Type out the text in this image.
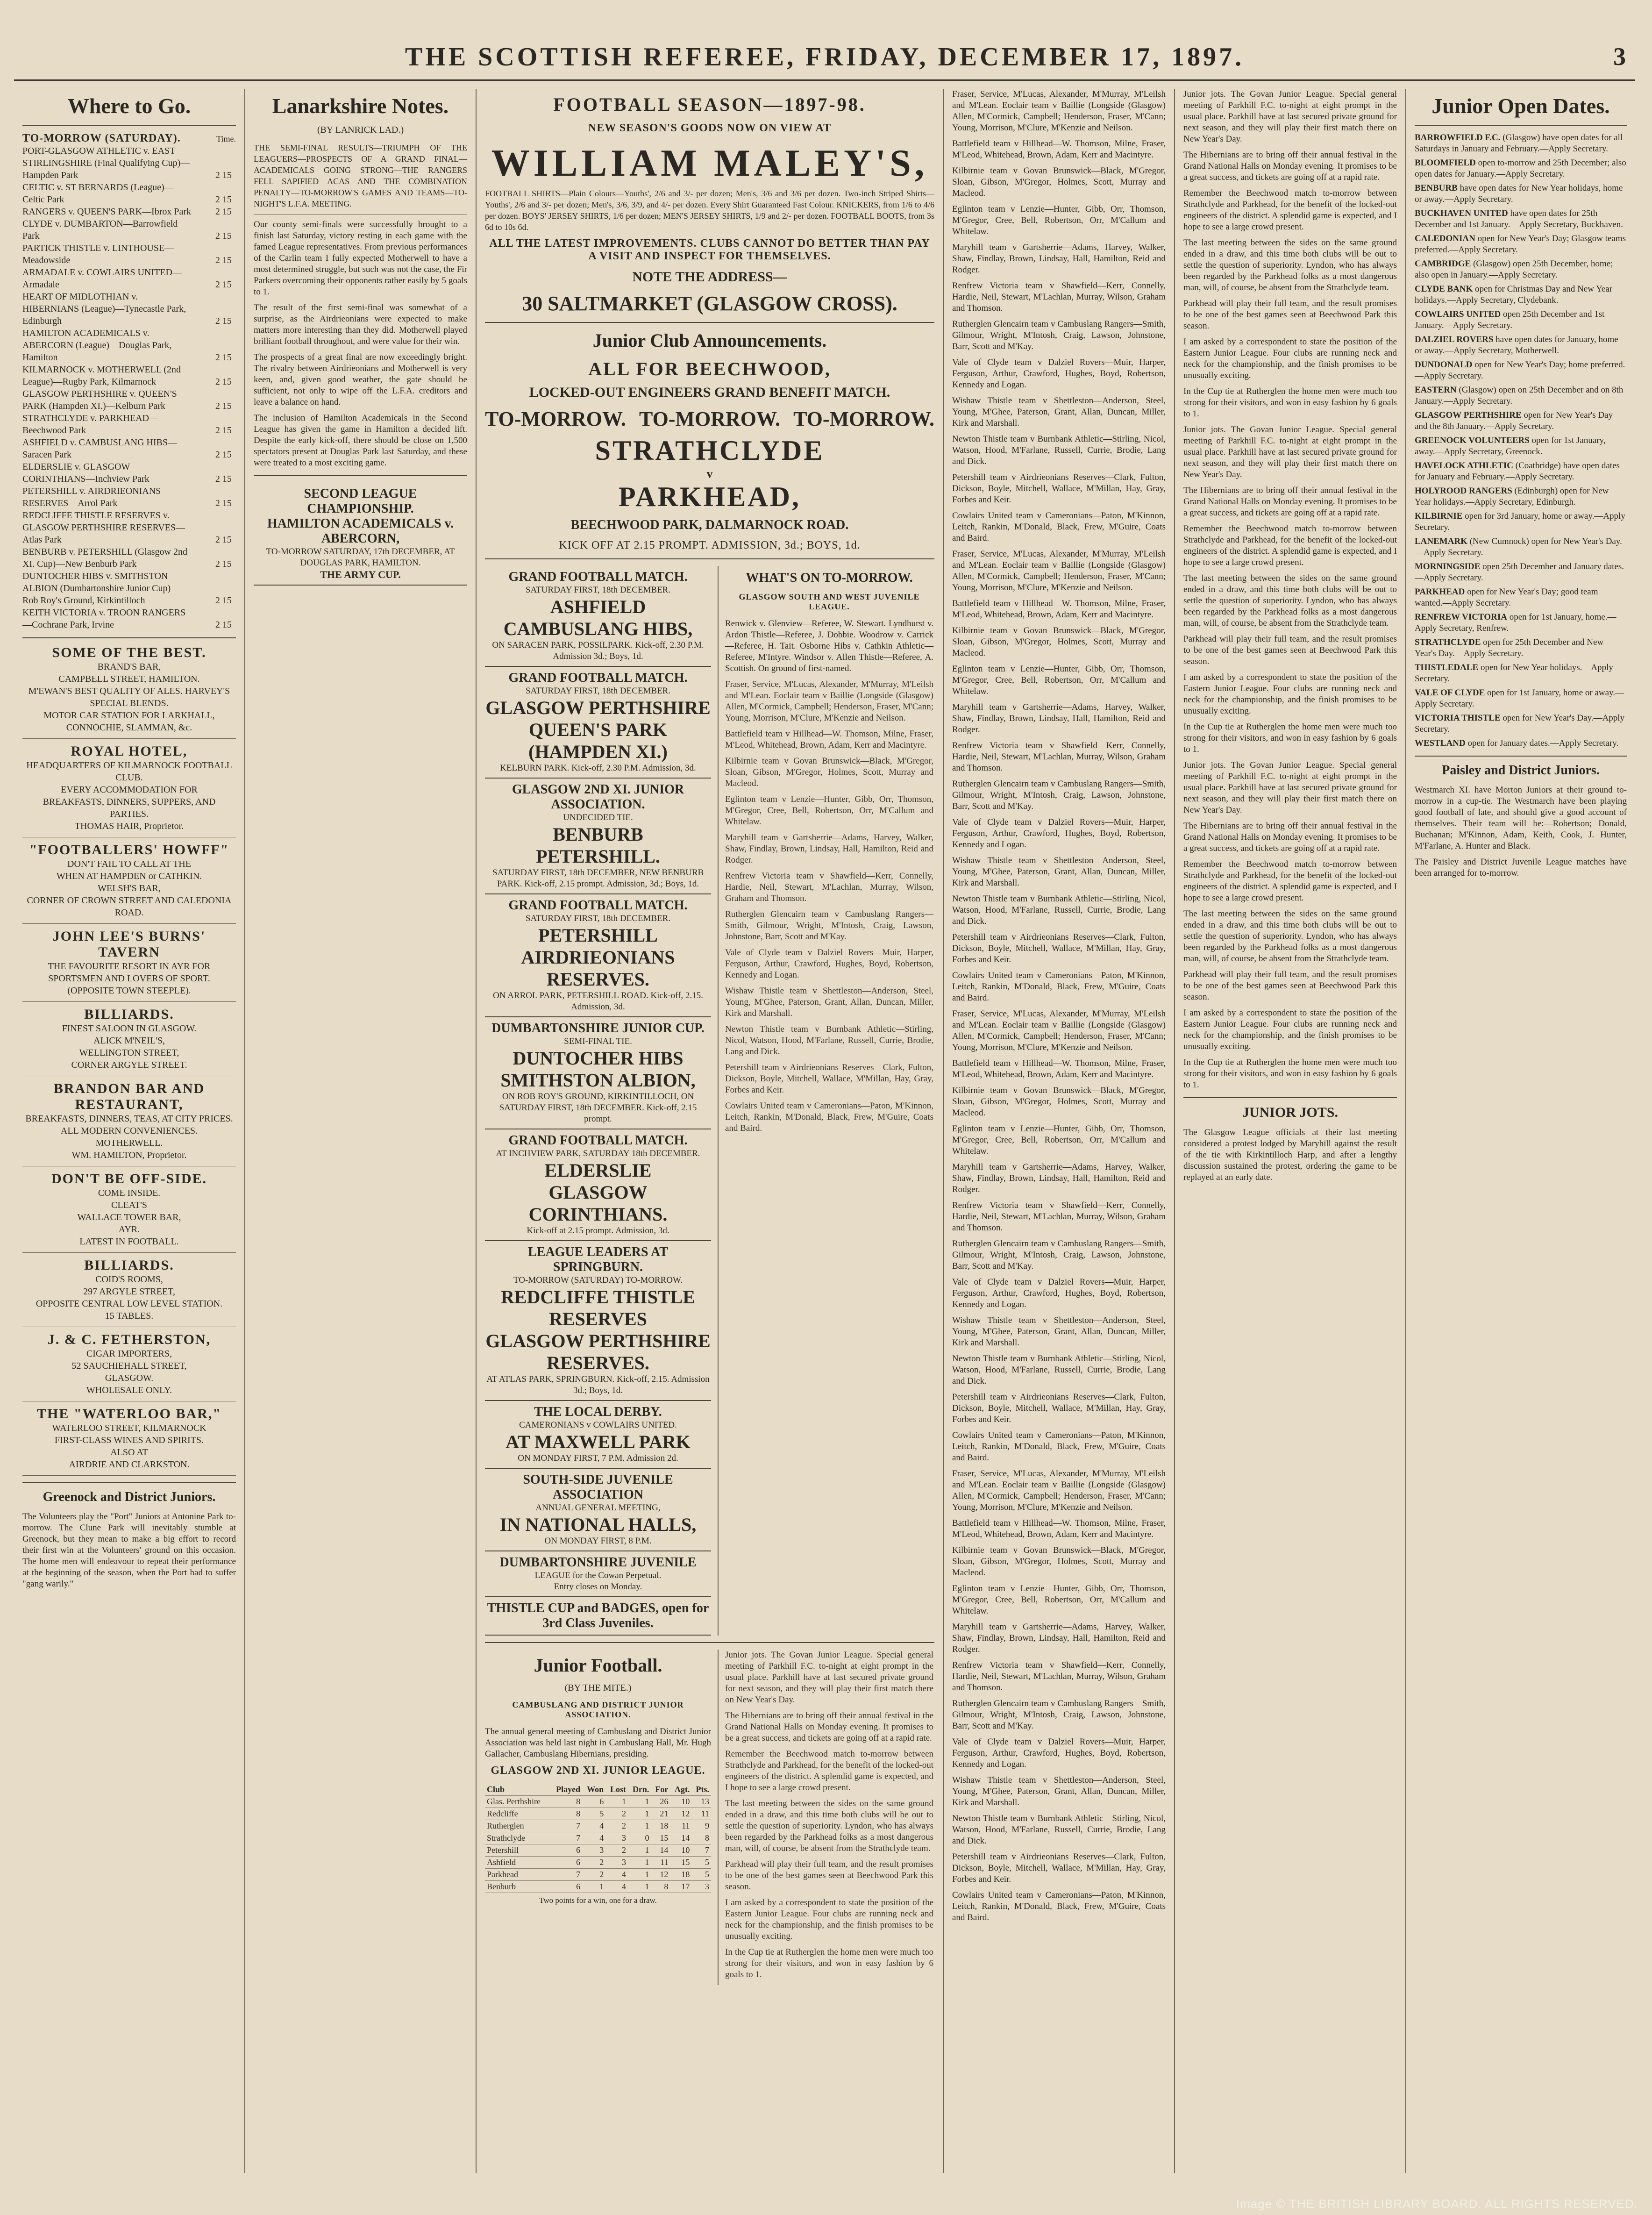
THE SCOTTISH REFEREE, FRIDAY, DECEMBER 17, 1897.	3
Where to Go.
TO-MORROW (SATURDAY).	Time.

PORT-GLASGOW ATHLETIC v. EAST STIRLINGSHIRE (Final Qualifying Cup)—Hampden Park	2 15

CELTIC v. ST BERNARDS (League)—Celtic Park	2 15

RANGERS v. QUEEN'S PARK—Ibrox Park	2 15

CLYDE v. DUMBARTON—Barrowfield Park	2 15

PARTICK THISTLE v. LINTHOUSE—Meadowside	2 15

ARMADALE v. COWLAIRS UNITED—Armadale	2 15

HEART OF MIDLOTHIAN v. HIBERNIANS (League)—Tynecastle Park, Edinburgh	2 15

HAMILTON ACADEMICALS v. ABERCORN (League)—Douglas Park, Hamilton	2 15

KILMARNOCK v. MOTHERWELL (2nd League)—Rugby Park, Kilmarnock	2 15

GLASGOW PERTHSHIRE v. QUEEN'S PARK (Hampden XI.)—Kelburn Park	2 15

STRATHCLYDE v. PARKHEAD—Beechwood Park	2 15

ASHFIELD v. CAMBUSLANG HIBS—Saracen Park	2 15

ELDERSLIE v. GLASGOW CORINTHIANS—Inchview Park	2 15

PETERSHILL v. AIRDRIEONIANS RESERVES—Arrol Park	2 15

REDCLIFFE THISTLE RESERVES v. GLASGOW PERTHSHIRE RESERVES—Atlas Park	2 15

BENBURB v. PETERSHILL (Glasgow 2nd XI. Cup)—New Benburb Park	2 15

DUNTOCHER HIBS v. SMITHSTON ALBION (Dumbartonshire Junior Cup)—Rob Roy's Ground, Kirkintilloch	2 15

KEITH VICTORIA v. TROON RANGERS—Cochrane Park, Irvine	2 15

SOME OF THE BEST.
BRAND'S BAR,
CAMPBELL STREET, HAMILTON.
M'EWAN'S BEST QUALITY OF ALES. HARVEY'S SPECIAL BLENDS.
MOTOR CAR STATION FOR LARKHALL, CONNOCHIE, SLAMMAN, &c.
ROYAL HOTEL,
HEADQUARTERS OF KILMARNOCK FOOTBALL CLUB.
EVERY ACCOMMODATION FOR
BREAKFASTS, DINNERS, SUPPERS, AND PARTIES.
THOMAS HAIR, Proprietor.
"FOOTBALLERS' HOWFF"
DON'T FAIL TO CALL AT THE
WHEN AT HAMPDEN or CATHKIN.
WELSH'S BAR,
CORNER OF CROWN STREET AND CALEDONIA ROAD.
JOHN LEE'S BURNS' TAVERN
THE FAVOURITE RESORT IN AYR FOR SPORTSMEN AND LOVERS OF SPORT.
(OPPOSITE TOWN STEEPLE).
BILLIARDS.
FINEST SALOON IN GLASGOW.
ALICK M'NEIL'S,
WELLINGTON STREET,
CORNER ARGYLE STREET.
BRANDON BAR AND RESTAURANT,
BREAKFASTS, DINNERS, TEAS, AT CITY PRICES.
ALL MODERN CONVENIENCES.
MOTHERWELL.
WM. HAMILTON, Proprietor.
DON'T BE OFF-SIDE.
COME INSIDE.
CLEAT'S
WALLACE TOWER BAR,
AYR.
LATEST IN FOOTBALL.
BILLIARDS.
COID'S ROOMS,
297 ARGYLE STREET,
OPPOSITE CENTRAL LOW LEVEL STATION.
15 TABLES.
J. & C. FETHERSTON,
CIGAR IMPORTERS,
52 SAUCHIEHALL STREET,
GLASGOW.
WHOLESALE ONLY.
THE "WATERLOO BAR,"
WATERLOO STREET, KILMARNOCK
FIRST-CLASS WINES AND SPIRITS.
ALSO AT
AIRDRIE AND CLARKSTON.
Greenock and District Juniors.

The Volunteers play the "Port" Juniors at Antonine Park to-morrow. The Clune Park will inevitably stumble at Greenock, but they mean to make a big effort to record their first win at the Volunteers' ground on this occasion. The home men will endeavour to repeat their performance at the beginning of the season, when the Port had to suffer "gang warily."

Lanarkshire Notes.
(BY LANRICK LAD.)

THE SEMI-FINAL RESULTS—TRIUMPH OF THE LEAGUERS—PROSPECTS OF A GRAND FINAL—ACADEMICALS GOING STRONG—THE RANGERS FELL SAPIFIED—ACAS AND THE COMBINATION PENALTY—TO-MORROW'S GAMES AND TEAMS—TO-NIGHT'S L.F.A. MEETING.

Our county semi-finals were successfully brought to a finish last Saturday, victory resting in each game with the famed League representatives. From previous performances of the Carlin team I fully expected Motherwell to have a most determined struggle, but such was not the case, the Fir Parkers overcoming their opponents rather easily by 5 goals to 1.

The result of the first semi-final was somewhat of a surprise, as the Airdrieonians were expected to make matters more interesting than they did. Motherwell played brilliant football throughout, and were value for their win.

The prospects of a great final are now exceedingly bright. The rivalry between Airdrieonians and Motherwell is very keen, and, given good weather, the gate should be sufficient, not only to wipe off the L.F.A. creditors and leave a balance on hand.

The inclusion of Hamilton Academicals in the Second League has given the game in Hamilton a decided lift. Despite the early kick-off, there should be close on 1,500 spectators present at Douglas Park last Saturday, and these were treated to a most exciting game.

SECOND LEAGUE CHAMPIONSHIP.
HAMILTON ACADEMICALS v. ABERCORN,
TO-MORROW SATURDAY, 17th DECEMBER, AT DOUGLAS PARK, HAMILTON.
THE ARMY CUP.
FOOTBALL SEASON—1897-98.
NEW SEASON'S GOODS NOW ON VIEW AT
WILLIAM MALEY'S,

FOOTBALL SHIRTS—Plain Colours—Youths', 2/6 and 3/- per dozen; Men's, 3/6 and 3/6 per dozen. Two-inch Striped Shirts—Youths', 2/6 and 3/- per dozen; Men's, 3/6, 3/9, and 4/- per dozen. Every Shirt Guaranteed Fast Colour. KNICKERS, from 1/6 to 4/6 per dozen. BOYS' JERSEY SHIRTS, 1/6 per dozen; MEN'S JERSEY SHIRTS, 1/9 and 2/- per dozen. FOOTBALL BOOTS, from 3s 6d to 10s 6d.

ALL THE LATEST IMPROVEMENTS. CLUBS CANNOT DO BETTER THAN PAY A VISIT AND INSPECT FOR THEMSELVES.
NOTE THE ADDRESS—
30 SALTMARKET (GLASGOW CROSS).
Junior Club Announcements.
ALL FOR BEECHWOOD,
LOCKED-OUT ENGINEERS GRAND BENEFIT MATCH.
TO-MORROW. TO-MORROW. TO-MORROW.
STRATHCLYDE
v
PARKHEAD,
BEECHWOOD PARK, DALMARNOCK ROAD.
KICK OFF AT 2.15 PROMPT. ADMISSION, 3d.; BOYS, 1d.
GRAND FOOTBALL MATCH.
SATURDAY FIRST, 18th DECEMBER.
ASHFIELD
CAMBUSLANG HIBS,
ON SARACEN PARK, POSSILPARK. Kick-off, 2.30 P.M. Admission 3d.; Boys, 1d.
GRAND FOOTBALL MATCH.
SATURDAY FIRST, 18th DECEMBER.
GLASGOW PERTHSHIRE
QUEEN'S PARK (HAMPDEN XI.)
KELBURN PARK. Kick-off, 2.30 P.M. Admission, 3d.
GLASGOW 2ND XI. JUNIOR ASSOCIATION.
UNDECIDED TIE.
BENBURB
PETERSHILL.
SATURDAY FIRST, 18th DECEMBER, NEW BENBURB PARK. Kick-off, 2.15 prompt. Admission, 3d.; Boys, 1d.
GRAND FOOTBALL MATCH.
SATURDAY FIRST, 18th DECEMBER.
PETERSHILL
AIRDRIEONIANS RESERVES.
ON ARROL PARK, PETERSHILL ROAD. Kick-off, 2.15. Admission, 3d.
DUMBARTONSHIRE JUNIOR CUP.
SEMI-FINAL TIE.
DUNTOCHER HIBS
SMITHSTON ALBION,
ON ROB ROY'S GROUND, KIRKINTILLOCH, ON SATURDAY FIRST, 18th DECEMBER. Kick-off, 2.15 prompt.
GRAND FOOTBALL MATCH.
AT INCHVIEW PARK, SATURDAY 18th DECEMBER.
ELDERSLIE
GLASGOW CORINTHIANS.
Kick-off at 2.15 prompt. Admission, 3d.
LEAGUE LEADERS AT SPRINGBURN.
TO-MORROW (SATURDAY) TO-MORROW.
REDCLIFFE THISTLE RESERVES
GLASGOW PERTHSHIRE RESERVES.
AT ATLAS PARK, SPRINGBURN. Kick-off, 2.15. Admission 3d.; Boys, 1d.
THE LOCAL DERBY.
CAMERONIANS v COWLAIRS UNITED.
AT MAXWELL PARK
ON MONDAY FIRST, 7 P.M. Admission 2d.
SOUTH-SIDE JUVENILE ASSOCIATION
ANNUAL GENERAL MEETING,
IN NATIONAL HALLS,
ON MONDAY FIRST, 8 P.M.
DUMBARTONSHIRE JUVENILE
LEAGUE for the Cowan Perpetual.
Entry closes on Monday.
THISTLE CUP and BADGES, open for 3rd Class Juveniles.
WHAT'S ON TO-MORROW.
GLASGOW SOUTH AND WEST JUVENILE LEAGUE.

Renwick v. Glenview—Referee, W. Stewart. Lyndhurst v. Ardon Thistle—Referee, J. Dobbie. Woodrow v. Carrick—Referee, H. Tait. Osborne Hibs v. Cathkin Athletic—Referee, M'Intyre. Windsor v. Allen Thistle—Referee, A. Scottish. On ground of first-named.

Fraser, Service, M'Lucas, Alexander, M'Murray, M'Leilsh and M'Lean. Eoclair team v Baillie (Longside (Glasgow) Allen, M'Cormick, Campbell; Henderson, Fraser, M'Cann; Young, Morrison, M'Clure, M'Kenzie and Neilson.

Battlefield team v Hillhead—W. Thomson, Milne, Fraser, M'Leod, Whitehead, Brown, Adam, Kerr and Macintyre.

Kilbirnie team v Govan Brunswick—Black, M'Gregor, Sloan, Gibson, M'Gregor, Holmes, Scott, Murray and Macleod.

Eglinton team v Lenzie—Hunter, Gibb, Orr, Thomson, M'Gregor, Cree, Bell, Robertson, Orr, M'Callum and Whitelaw.

Maryhill team v Gartsherrie—Adams, Harvey, Walker, Shaw, Findlay, Brown, Lindsay, Hall, Hamilton, Reid and Rodger.

Renfrew Victoria team v Shawfield—Kerr, Connelly, Hardie, Neil, Stewart, M'Lachlan, Murray, Wilson, Graham and Thomson.

Rutherglen Glencairn team v Cambuslang Rangers—Smith, Gilmour, Wright, M'Intosh, Craig, Lawson, Johnstone, Barr, Scott and M'Kay.

Vale of Clyde team v Dalziel Rovers—Muir, Harper, Ferguson, Arthur, Crawford, Hughes, Boyd, Robertson, Kennedy and Logan.

Wishaw Thistle team v Shettleston—Anderson, Steel, Young, M'Ghee, Paterson, Grant, Allan, Duncan, Miller, Kirk and Marshall.

Newton Thistle team v Burnbank Athletic—Stirling, Nicol, Watson, Hood, M'Farlane, Russell, Currie, Brodie, Lang and Dick.

Petershill team v Airdrieonians Reserves—Clark, Fulton, Dickson, Boyle, Mitchell, Wallace, M'Millan, Hay, Gray, Forbes and Keir.

Cowlairs United team v Cameronians—Paton, M'Kinnon, Leitch, Rankin, M'Donald, Black, Frew, M'Guire, Coats and Baird.

Junior Football.
(BY THE MITE.)
CAMBUSLANG AND DISTRICT JUNIOR ASSOCIATION.

The annual general meeting of Cambuslang and District Junior Association was held last night in Cambuslang Hall, Mr. Hugh Gallacher, Cambuslang Hibernians, presiding.

GLASGOW 2ND XI. JUNIOR LEAGUE.
Club	Played	Won	Lost	Drn.	For	Agt.	Pts.
Glas. Perthshire	8	6	1	1	26	10	13
Redcliffe	8	5	2	1	21	12	11
Rutherglen	7	4	2	1	18	11	9
Strathclyde	7	4	3	0	15	14	8
Petershill	6	3	2	1	14	10	7
Ashfield	6	2	3	1	11	15	5
Parkhead	7	2	4	1	12	18	5
Benburb	6	1	4	1	8	17	3
Two points for a win, one for a draw.

Junior jots. The Govan Junior League. Special general meeting of Parkhill F.C. to-night at eight prompt in the usual place. Parkhill have at last secured private ground for next season, and they will play their first match there on New Year's Day.

The Hibernians are to bring off their annual festival in the Grand National Halls on Monday evening. It promises to be a great success, and tickets are going off at a rapid rate.

Remember the Beechwood match to-morrow between Strathclyde and Parkhead, for the benefit of the locked-out engineers of the district. A splendid game is expected, and I hope to see a large crowd present.

The last meeting between the sides on the same ground ended in a draw, and this time both clubs will be out to settle the question of superiority. Lyndon, who has always been regarded by the Parkhead folks as a most dangerous man, will, of course, be absent from the Strathclyde team.

Parkhead will play their full team, and the result promises to be one of the best games seen at Beechwood Park this season.

I am asked by a correspondent to state the position of the Eastern Junior League. Four clubs are running neck and neck for the championship, and the finish promises to be unusually exciting.

In the Cup tie at Rutherglen the home men were much too strong for their visitors, and won in easy fashion by 6 goals to 1.

Fraser, Service, M'Lucas, Alexander, M'Murray, M'Leilsh and M'Lean. Eoclair team v Baillie (Longside (Glasgow) Allen, M'Cormick, Campbell; Henderson, Fraser, M'Cann; Young, Morrison, M'Clure, M'Kenzie and Neilson.

Battlefield team v Hillhead—W. Thomson, Milne, Fraser, M'Leod, Whitehead, Brown, Adam, Kerr and Macintyre.

Kilbirnie team v Govan Brunswick—Black, M'Gregor, Sloan, Gibson, M'Gregor, Holmes, Scott, Murray and Macleod.

Eglinton team v Lenzie—Hunter, Gibb, Orr, Thomson, M'Gregor, Cree, Bell, Robertson, Orr, M'Callum and Whitelaw.

Maryhill team v Gartsherrie—Adams, Harvey, Walker, Shaw, Findlay, Brown, Lindsay, Hall, Hamilton, Reid and Rodger.

Renfrew Victoria team v Shawfield—Kerr, Connelly, Hardie, Neil, Stewart, M'Lachlan, Murray, Wilson, Graham and Thomson.

Rutherglen Glencairn team v Cambuslang Rangers—Smith, Gilmour, Wright, M'Intosh, Craig, Lawson, Johnstone, Barr, Scott and M'Kay.

Vale of Clyde team v Dalziel Rovers—Muir, Harper, Ferguson, Arthur, Crawford, Hughes, Boyd, Robertson, Kennedy and Logan.

Wishaw Thistle team v Shettleston—Anderson, Steel, Young, M'Ghee, Paterson, Grant, Allan, Duncan, Miller, Kirk and Marshall.

Newton Thistle team v Burnbank Athletic—Stirling, Nicol, Watson, Hood, M'Farlane, Russell, Currie, Brodie, Lang and Dick.

Petershill team v Airdrieonians Reserves—Clark, Fulton, Dickson, Boyle, Mitchell, Wallace, M'Millan, Hay, Gray, Forbes and Keir.

Cowlairs United team v Cameronians—Paton, M'Kinnon, Leitch, Rankin, M'Donald, Black, Frew, M'Guire, Coats and Baird.

Fraser, Service, M'Lucas, Alexander, M'Murray, M'Leilsh and M'Lean. Eoclair team v Baillie (Longside (Glasgow) Allen, M'Cormick, Campbell; Henderson, Fraser, M'Cann; Young, Morrison, M'Clure, M'Kenzie and Neilson.

Battlefield team v Hillhead—W. Thomson, Milne, Fraser, M'Leod, Whitehead, Brown, Adam, Kerr and Macintyre.

Kilbirnie team v Govan Brunswick—Black, M'Gregor, Sloan, Gibson, M'Gregor, Holmes, Scott, Murray and Macleod.

Eglinton team v Lenzie—Hunter, Gibb, Orr, Thomson, M'Gregor, Cree, Bell, Robertson, Orr, M'Callum and Whitelaw.

Maryhill team v Gartsherrie—Adams, Harvey, Walker, Shaw, Findlay, Brown, Lindsay, Hall, Hamilton, Reid and Rodger.

Renfrew Victoria team v Shawfield—Kerr, Connelly, Hardie, Neil, Stewart, M'Lachlan, Murray, Wilson, Graham and Thomson.

Rutherglen Glencairn team v Cambuslang Rangers—Smith, Gilmour, Wright, M'Intosh, Craig, Lawson, Johnstone, Barr, Scott and M'Kay.

Vale of Clyde team v Dalziel Rovers—Muir, Harper, Ferguson, Arthur, Crawford, Hughes, Boyd, Robertson, Kennedy and Logan.

Wishaw Thistle team v Shettleston—Anderson, Steel, Young, M'Ghee, Paterson, Grant, Allan, Duncan, Miller, Kirk and Marshall.

Newton Thistle team v Burnbank Athletic—Stirling, Nicol, Watson, Hood, M'Farlane, Russell, Currie, Brodie, Lang and Dick.

Petershill team v Airdrieonians Reserves—Clark, Fulton, Dickson, Boyle, Mitchell, Wallace, M'Millan, Hay, Gray, Forbes and Keir.

Cowlairs United team v Cameronians—Paton, M'Kinnon, Leitch, Rankin, M'Donald, Black, Frew, M'Guire, Coats and Baird.

Fraser, Service, M'Lucas, Alexander, M'Murray, M'Leilsh and M'Lean. Eoclair team v Baillie (Longside (Glasgow) Allen, M'Cormick, Campbell; Henderson, Fraser, M'Cann; Young, Morrison, M'Clure, M'Kenzie and Neilson.

Battlefield team v Hillhead—W. Thomson, Milne, Fraser, M'Leod, Whitehead, Brown, Adam, Kerr and Macintyre.

Kilbirnie team v Govan Brunswick—Black, M'Gregor, Sloan, Gibson, M'Gregor, Holmes, Scott, Murray and Macleod.

Eglinton team v Lenzie—Hunter, Gibb, Orr, Thomson, M'Gregor, Cree, Bell, Robertson, Orr, M'Callum and Whitelaw.

Maryhill team v Gartsherrie—Adams, Harvey, Walker, Shaw, Findlay, Brown, Lindsay, Hall, Hamilton, Reid and Rodger.

Renfrew Victoria team v Shawfield—Kerr, Connelly, Hardie, Neil, Stewart, M'Lachlan, Murray, Wilson, Graham and Thomson.

Rutherglen Glencairn team v Cambuslang Rangers—Smith, Gilmour, Wright, M'Intosh, Craig, Lawson, Johnstone, Barr, Scott and M'Kay.

Vale of Clyde team v Dalziel Rovers—Muir, Harper, Ferguson, Arthur, Crawford, Hughes, Boyd, Robertson, Kennedy and Logan.

Wishaw Thistle team v Shettleston—Anderson, Steel, Young, M'Ghee, Paterson, Grant, Allan, Duncan, Miller, Kirk and Marshall.

Newton Thistle team v Burnbank Athletic—Stirling, Nicol, Watson, Hood, M'Farlane, Russell, Currie, Brodie, Lang and Dick.

Petershill team v Airdrieonians Reserves—Clark, Fulton, Dickson, Boyle, Mitchell, Wallace, M'Millan, Hay, Gray, Forbes and Keir.

Cowlairs United team v Cameronians—Paton, M'Kinnon, Leitch, Rankin, M'Donald, Black, Frew, M'Guire, Coats and Baird.

Fraser, Service, M'Lucas, Alexander, M'Murray, M'Leilsh and M'Lean. Eoclair team v Baillie (Longside (Glasgow) Allen, M'Cormick, Campbell; Henderson, Fraser, M'Cann; Young, Morrison, M'Clure, M'Kenzie and Neilson.

Battlefield team v Hillhead—W. Thomson, Milne, Fraser, M'Leod, Whitehead, Brown, Adam, Kerr and Macintyre.

Kilbirnie team v Govan Brunswick—Black, M'Gregor, Sloan, Gibson, M'Gregor, Holmes, Scott, Murray and Macleod.

Eglinton team v Lenzie—Hunter, Gibb, Orr, Thomson, M'Gregor, Cree, Bell, Robertson, Orr, M'Callum and Whitelaw.

Maryhill team v Gartsherrie—Adams, Harvey, Walker, Shaw, Findlay, Brown, Lindsay, Hall, Hamilton, Reid and Rodger.

Renfrew Victoria team v Shawfield—Kerr, Connelly, Hardie, Neil, Stewart, M'Lachlan, Murray, Wilson, Graham and Thomson.

Rutherglen Glencairn team v Cambuslang Rangers—Smith, Gilmour, Wright, M'Intosh, Craig, Lawson, Johnstone, Barr, Scott and M'Kay.

Vale of Clyde team v Dalziel Rovers—Muir, Harper, Ferguson, Arthur, Crawford, Hughes, Boyd, Robertson, Kennedy and Logan.

Wishaw Thistle team v Shettleston—Anderson, Steel, Young, M'Ghee, Paterson, Grant, Allan, Duncan, Miller, Kirk and Marshall.

Newton Thistle team v Burnbank Athletic—Stirling, Nicol, Watson, Hood, M'Farlane, Russell, Currie, Brodie, Lang and Dick.

Petershill team v Airdrieonians Reserves—Clark, Fulton, Dickson, Boyle, Mitchell, Wallace, M'Millan, Hay, Gray, Forbes and Keir.

Cowlairs United team v Cameronians—Paton, M'Kinnon, Leitch, Rankin, M'Donald, Black, Frew, M'Guire, Coats and Baird.

Junior jots. The Govan Junior League. Special general meeting of Parkhill F.C. to-night at eight prompt in the usual place. Parkhill have at last secured private ground for next season, and they will play their first match there on New Year's Day.

The Hibernians are to bring off their annual festival in the Grand National Halls on Monday evening. It promises to be a great success, and tickets are going off at a rapid rate.

Remember the Beechwood match to-morrow between Strathclyde and Parkhead, for the benefit of the locked-out engineers of the district. A splendid game is expected, and I hope to see a large crowd present.

The last meeting between the sides on the same ground ended in a draw, and this time both clubs will be out to settle the question of superiority. Lyndon, who has always been regarded by the Parkhead folks as a most dangerous man, will, of course, be absent from the Strathclyde team.

Parkhead will play their full team, and the result promises to be one of the best games seen at Beechwood Park this season.

I am asked by a correspondent to state the position of the Eastern Junior League. Four clubs are running neck and neck for the championship, and the finish promises to be unusually exciting.

In the Cup tie at Rutherglen the home men were much too strong for their visitors, and won in easy fashion by 6 goals to 1.

Junior jots. The Govan Junior League. Special general meeting of Parkhill F.C. to-night at eight prompt in the usual place. Parkhill have at last secured private ground for next season, and they will play their first match there on New Year's Day.

The Hibernians are to bring off their annual festival in the Grand National Halls on Monday evening. It promises to be a great success, and tickets are going off at a rapid rate.

Remember the Beechwood match to-morrow between Strathclyde and Parkhead, for the benefit of the locked-out engineers of the district. A splendid game is expected, and I hope to see a large crowd present.

The last meeting between the sides on the same ground ended in a draw, and this time both clubs will be out to settle the question of superiority. Lyndon, who has always been regarded by the Parkhead folks as a most dangerous man, will, of course, be absent from the Strathclyde team.

Parkhead will play their full team, and the result promises to be one of the best games seen at Beechwood Park this season.

I am asked by a correspondent to state the position of the Eastern Junior League. Four clubs are running neck and neck for the championship, and the finish promises to be unusually exciting.

In the Cup tie at Rutherglen the home men were much too strong for their visitors, and won in easy fashion by 6 goals to 1.

Junior jots. The Govan Junior League. Special general meeting of Parkhill F.C. to-night at eight prompt in the usual place. Parkhill have at last secured private ground for next season, and they will play their first match there on New Year's Day.

The Hibernians are to bring off their annual festival in the Grand National Halls on Monday evening. It promises to be a great success, and tickets are going off at a rapid rate.

Remember the Beechwood match to-morrow between Strathclyde and Parkhead, for the benefit of the locked-out engineers of the district. A splendid game is expected, and I hope to see a large crowd present.

The last meeting between the sides on the same ground ended in a draw, and this time both clubs will be out to settle the question of superiority. Lyndon, who has always been regarded by the Parkhead folks as a most dangerous man, will, of course, be absent from the Strathclyde team.

Parkhead will play their full team, and the result promises to be one of the best games seen at Beechwood Park this season.

I am asked by a correspondent to state the position of the Eastern Junior League. Four clubs are running neck and neck for the championship, and the finish promises to be unusually exciting.

In the Cup tie at Rutherglen the home men were much too strong for their visitors, and won in easy fashion by 6 goals to 1.

JUNIOR JOTS.

The Glasgow League officials at their last meeting considered a protest lodged by Maryhill against the result of the tie with Kirkintilloch Harp, and after a lengthy discussion sustained the protest, ordering the game to be replayed at an early date.

Junior Open Dates.

BARROWFIELD F.C. (Glasgow) have open dates for all Saturdays in January and February.—Apply Secretary.

BLOOMFIELD open to-morrow and 25th December; also open dates for January.—Apply Secretary.

BENBURB have open dates for New Year holidays, home or away.—Apply Secretary.

BUCKHAVEN UNITED have open dates for 25th December and 1st January.—Apply Secretary, Buckhaven.

CALEDONIAN open for New Year's Day; Glasgow teams preferred.—Apply Secretary.

CAMBRIDGE (Glasgow) open 25th December, home; also open in January.—Apply Secretary.

CLYDE BANK open for Christmas Day and New Year holidays.—Apply Secretary, Clydebank.

COWLAIRS UNITED open 25th December and 1st January.—Apply Secretary.

DALZIEL ROVERS have open dates for January, home or away.—Apply Secretary, Motherwell.

DUNDONALD open for New Year's Day; home preferred.—Apply Secretary.

EASTERN (Glasgow) open on 25th December and on 8th January.—Apply Secretary.

GLASGOW PERTHSHIRE open for New Year's Day and the 8th January.—Apply Secretary.

GREENOCK VOLUNTEERS open for 1st January, away.—Apply Secretary, Greenock.

HAVELOCK ATHLETIC (Coatbridge) have open dates for January and February.—Apply Secretary.

HOLYROOD RANGERS (Edinburgh) open for New Year holidays.—Apply Secretary, Edinburgh.

KILBIRNIE open for 3rd January, home or away.—Apply Secretary.

LANEMARK (New Cumnock) open for New Year's Day.—Apply Secretary.

MORNINGSIDE open 25th December and January dates.—Apply Secretary.

PARKHEAD open for New Year's Day; good team wanted.—Apply Secretary.

RENFREW VICTORIA open for 1st January, home.—Apply Secretary, Renfrew.

STRATHCLYDE open for 25th December and New Year's Day.—Apply Secretary.

THISTLEDALE open for New Year holidays.—Apply Secretary.

VALE OF CLYDE open for 1st January, home or away.—Apply Secretary.

VICTORIA THISTLE open for New Year's Day.—Apply Secretary.

WESTLAND open for January dates.—Apply Secretary.

Paisley and District Juniors.

Westmarch XI. have Morton Juniors at their ground to-morrow in a cup-tie. The Westmarch have been playing good football of late, and should give a good account of themselves. Their team will be:—Robertson; Donald, Buchanan; M'Kinnon, Adam, Keith, Cook, J. Hunter, M'Farlane, A. Hunter and Black.

The Paisley and District Juvenile League matches have been arranged for to-morrow.

Image © THE BRITISH LIBRARY BOARD. ALL RIGHTS RESERVED.
